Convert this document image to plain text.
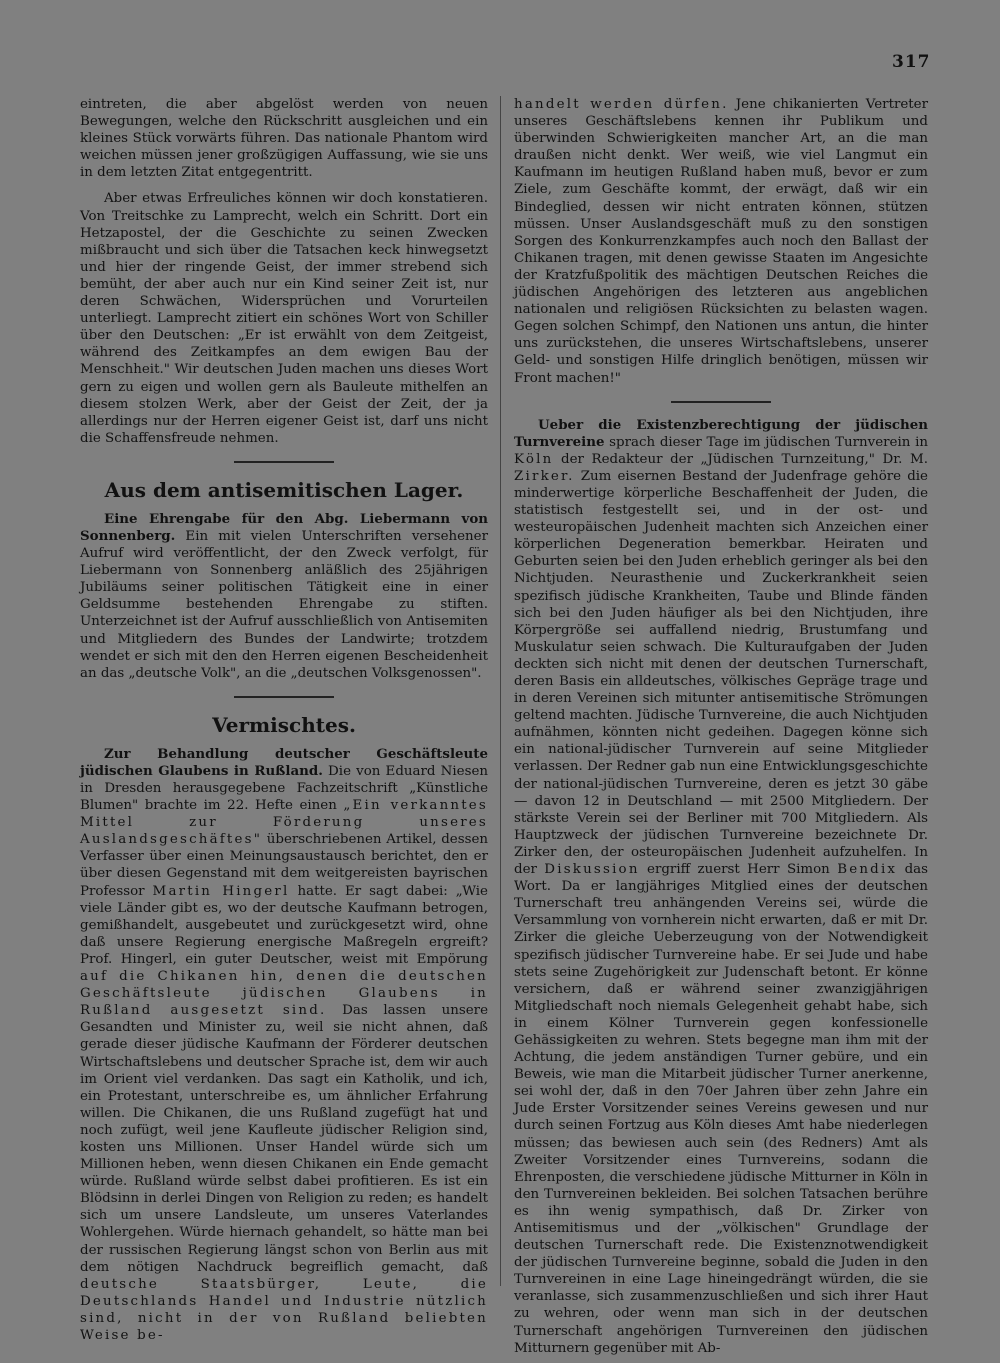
317

eintreten, die aber abgelöst werden von neuen Bewegungen, welche den Rückschritt ausgleichen und ein kleines Stück vorwärts führen. Das nationale Phantom wird weichen müssen jener großzügigen Auffassung, wie sie uns in dem letzten Zitat entgegentritt.

Aber etwas Erfreuliches können wir doch konstatieren. Von Treitschke zu Lamprecht, welch ein Schritt. Dort ein Hetzapostel, der die Geschichte zu seinen Zwecken mißbraucht und sich über die Tatsachen keck hinwegsetzt und hier der ringende Geist, der immer strebend sich bemüht, der aber auch nur ein Kind seiner Zeit ist, nur deren Schwächen, Widersprüchen und Vorurteilen unterliegt. Lamprecht zitiert ein schönes Wort von Schiller über den Deutschen: „Er ist erwählt von dem Zeitgeist, während des Zeitkampfes an dem ewigen Bau der Menschheit." Wir deutschen Juden machen uns dieses Wort gern zu eigen und wollen gern als Bauleute mithelfen an diesem stolzen Werk, aber der Geist der Zeit, der ja allerdings nur der Herren eigener Geist ist, darf uns nicht die Schaffensfreude nehmen.

Aus dem antisemitischen Lager.

Eine Ehrengabe für den Abg. Liebermann von Sonnenberg. Ein mit vielen Unterschriften versehener Aufruf wird veröffentlicht, der den Zweck verfolgt, für Liebermann von Sonnenberg anläßlich des 25jährigen Jubiläums seiner politischen Tätigkeit eine in einer Geldsumme bestehenden Ehrengabe zu stiften. Unterzeichnet ist der Aufruf ausschließlich von Antisemiten und Mitgliedern des Bundes der Landwirte; trotzdem wendet er sich mit den den Herren eigenen Bescheidenheit an das „deutsche Volk", an die „deutschen Volksgenossen".

Vermischtes.

Zur Behandlung deutscher Geschäftsleute jüdischen Glaubens in Rußland. Die von Eduard Niesen in Dresden herausgegebene Fachzeitschrift „Künstliche Blumen" brachte im 22. Hefte einen „Ein verkanntes Mittel zur Förderung unseres Auslandsgeschäftes" überschriebenen Artikel, dessen Verfasser über einen Meinungsaustausch berichtet, den er über diesen Gegenstand mit dem weitgereisten bayrischen Professor Martin Hingerl hatte. Er sagt dabei: „Wie viele Länder gibt es, wo der deutsche Kaufmann betrogen, gemißhandelt, ausgebeutet und zurückgesetzt wird, ohne daß unsere Regierung energische Maßregeln ergreift? Prof. Hingerl, ein guter Deutscher, weist mit Empörung auf die Chikanen hin, denen die deutschen Geschäftsleute jüdischen Glaubens in Rußland ausgesetzt sind. Das lassen unsere Gesandten und Minister zu, weil sie nicht ahnen, daß gerade dieser jüdische Kaufmann der Förderer deutschen Wirtschaftslebens und deutscher Sprache ist, dem wir auch im Orient viel verdanken. Das sagt ein Katholik, und ich, ein Protestant, unterschreibe es, um ähnlicher Erfahrung willen. Die Chikanen, die uns Rußland zugefügt hat und noch zufügt, weil jene Kaufleute jüdischer Religion sind, kosten uns Millionen. Unser Handel würde sich um Millionen heben, wenn diesen Chikanen ein Ende gemacht würde. Rußland würde selbst dabei profitieren. Es ist ein Blödsinn in derlei Dingen von Religion zu reden; es handelt sich um unsere Landsleute, um unseres Vaterlandes Wohlergehen. Würde hiernach gehandelt, so hätte man bei der russischen Regierung längst schon von Berlin aus mit dem nötigen Nachdruck begreiflich gemacht, daß deutsche Staatsbürger, Leute, die Deutschlands Handel und Industrie nützlich sind, nicht in der von Rußland beliebten Weise be-

handelt werden dürfen. Jene chikanierten Vertreter unseres Geschäftslebens kennen ihr Publikum und überwinden Schwierigkeiten mancher Art, an die man draußen nicht denkt. Wer weiß, wie viel Langmut ein Kaufmann im heutigen Rußland haben muß, bevor er zum Ziele, zum Geschäfte kommt, der erwägt, daß wir ein Bindeglied, dessen wir nicht entraten können, stützen müssen. Unser Auslandsgeschäft muß zu den sonstigen Sorgen des Konkurrenzkampfes auch noch den Ballast der Chikanen tragen, mit denen gewisse Staaten im Angesichte der Kratzfußpolitik des mächtigen Deutschen Reiches die jüdischen Angehörigen des letzteren aus angeblichen nationalen und religiösen Rücksichten zu belasten wagen. Gegen solchen Schimpf, den Nationen uns antun, die hinter uns zurückstehen, die unseres Wirtschaftslebens, unserer Geld- und sonstigen Hilfe dringlich benötigen, müssen wir Front machen!"

Ueber die Existenzberechtigung der jüdischen Turnvereine sprach dieser Tage im jüdischen Turnverein in Köln der Redakteur der „Jüdischen Turnzeitung," Dr. M. Zirker. Zum eisernen Bestand der Judenfrage gehöre die minderwertige körperliche Beschaffenheit der Juden, die statistisch festgestellt sei, und in der ost- und westeuropäischen Judenheit machten sich Anzeichen einer körperlichen Degeneration bemerkbar. Heiraten und Geburten seien bei den Juden erheblich geringer als bei den Nichtjuden. Neurasthenie und Zuckerkrankheit seien spezifisch jüdische Krankheiten, Taube und Blinde fänden sich bei den Juden häufiger als bei den Nichtjuden, ihre Körpergröße sei auffallend niedrig, Brustumfang und Muskulatur seien schwach. Die Kulturaufgaben der Juden deckten sich nicht mit denen der deutschen Turnerschaft, deren Basis ein alldeutsches, völkisches Gepräge trage und in deren Vereinen sich mitunter antisemitische Strömungen geltend machten. Jüdische Turnvereine, die auch Nichtjuden aufnähmen, könnten nicht gedeihen. Dagegen könne sich ein national-jüdischer Turnverein auf seine Mitglieder verlassen. Der Redner gab nun eine Entwicklungsgeschichte der national-jüdischen Turnvereine, deren es jetzt 30 gäbe — davon 12 in Deutschland — mit 2500 Mitgliedern. Der stärkste Verein sei der Berliner mit 700 Mitgliedern. Als Hauptzweck der jüdischen Turnvereine bezeichnete Dr. Zirker den, der osteuropäischen Judenheit aufzuhelfen. In der Diskussion ergriff zuerst Herr Simon Bendix das Wort. Da er langjähriges Mitglied eines der deutschen Turnerschaft treu anhängenden Vereins sei, würde die Versammlung von vornherein nicht erwarten, daß er mit Dr. Zirker die gleiche Ueberzeugung von der Notwendigkeit spezifisch jüdischer Turnvereine habe. Er sei Jude und habe stets seine Zugehörigkeit zur Judenschaft betont. Er könne versichern, daß er während seiner zwanzigjährigen Mitgliedschaft noch niemals Gelegenheit gehabt habe, sich in einem Kölner Turnverein gegen konfessionelle Gehässigkeiten zu wehren. Stets begegne man ihm mit der Achtung, die jedem anständigen Turner gebüre, und ein Beweis, wie man die Mitarbeit jüdischer Turner anerkenne, sei wohl der, daß in den 70er Jahren über zehn Jahre ein Jude Erster Vorsitzender seines Vereins gewesen und nur durch seinen Fortzug aus Köln dieses Amt habe niederlegen müssen; das bewiesen auch sein (des Redners) Amt als Zweiter Vorsitzender eines Turnvereins, sodann die Ehrenposten, die verschiedene jüdische Mitturner in Köln in den Turnvereinen bekleiden. Bei solchen Tatsachen berühre es ihn wenig sympathisch, daß Dr. Zirker von Antisemitismus und der „völkischen" Grundlage der deutschen Turnerschaft rede. Die Existenznotwendigkeit der jüdischen Turnvereine beginne, sobald die Juden in den Turnvereinen in eine Lage hineingedrängt würden, die sie veranlasse, sich zusammenzuschließen und sich ihrer Haut zu wehren, oder wenn man sich in der deutschen Turnerschaft angehörigen Turnvereinen den jüdischen Mitturnern gegenüber mit Ab-
